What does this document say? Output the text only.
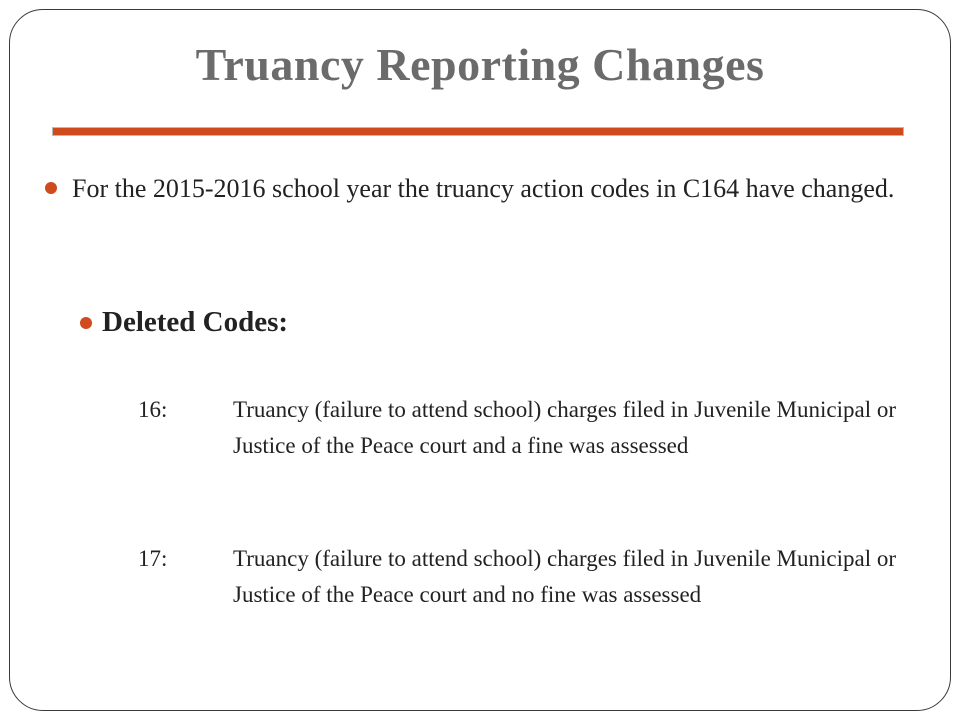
Truancy Reporting Changes
For the 2015-2016 school year the truancy action codes in C164 have changed.
Deleted Codes:
16:	Truancy (failure to attend school) charges filed in Juvenile Municipal or Justice of the Peace court and a fine was assessed
17:	Truancy (failure to attend school) charges filed in Juvenile Municipal or Justice of the Peace court and no fine was assessed
